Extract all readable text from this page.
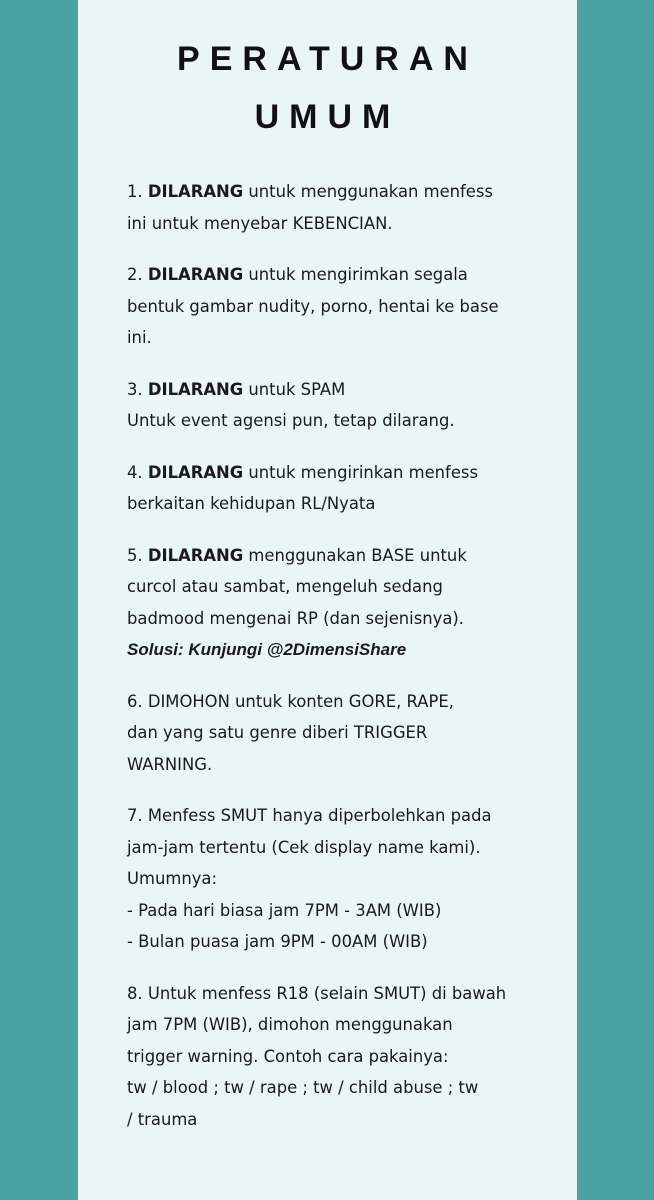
PERATURAN
UMUM
1. DILARANG untuk menggunakan menfess
ini untuk menyebar KEBENCIAN.
2. DILARANG untuk mengirimkan segala
bentuk gambar nudity, porno, hentai ke base
ini.
3. DILARANG untuk SPAM
Untuk event agensi pun, tetap dilarang.
4. DILARANG untuk mengirinkan menfess
berkaitan kehidupan RL/Nyata
5. DILARANG menggunakan BASE untuk
curcol atau sambat, mengeluh sedang
badmood mengenai RP (dan sejenisnya).
Solusi: Kunjungi @2DimensiShare
6. DIMOHON untuk konten GORE, RAPE,
dan yang satu genre diberi TRIGGER
WARNING.
7. Menfess SMUT hanya diperbolehkan pada
jam-jam tertentu (Cek display name kami).
Umumnya:
- Pada hari biasa jam 7PM - 3AM (WIB)
- Bulan puasa jam 9PM - 00AM (WIB)
8. Untuk menfess R18 (selain SMUT) di bawah
jam 7PM (WIB), dimohon menggunakan
trigger warning. Contoh cara pakainya:
tw / blood ; tw / rape ; tw / child abuse ; tw
/ trauma
